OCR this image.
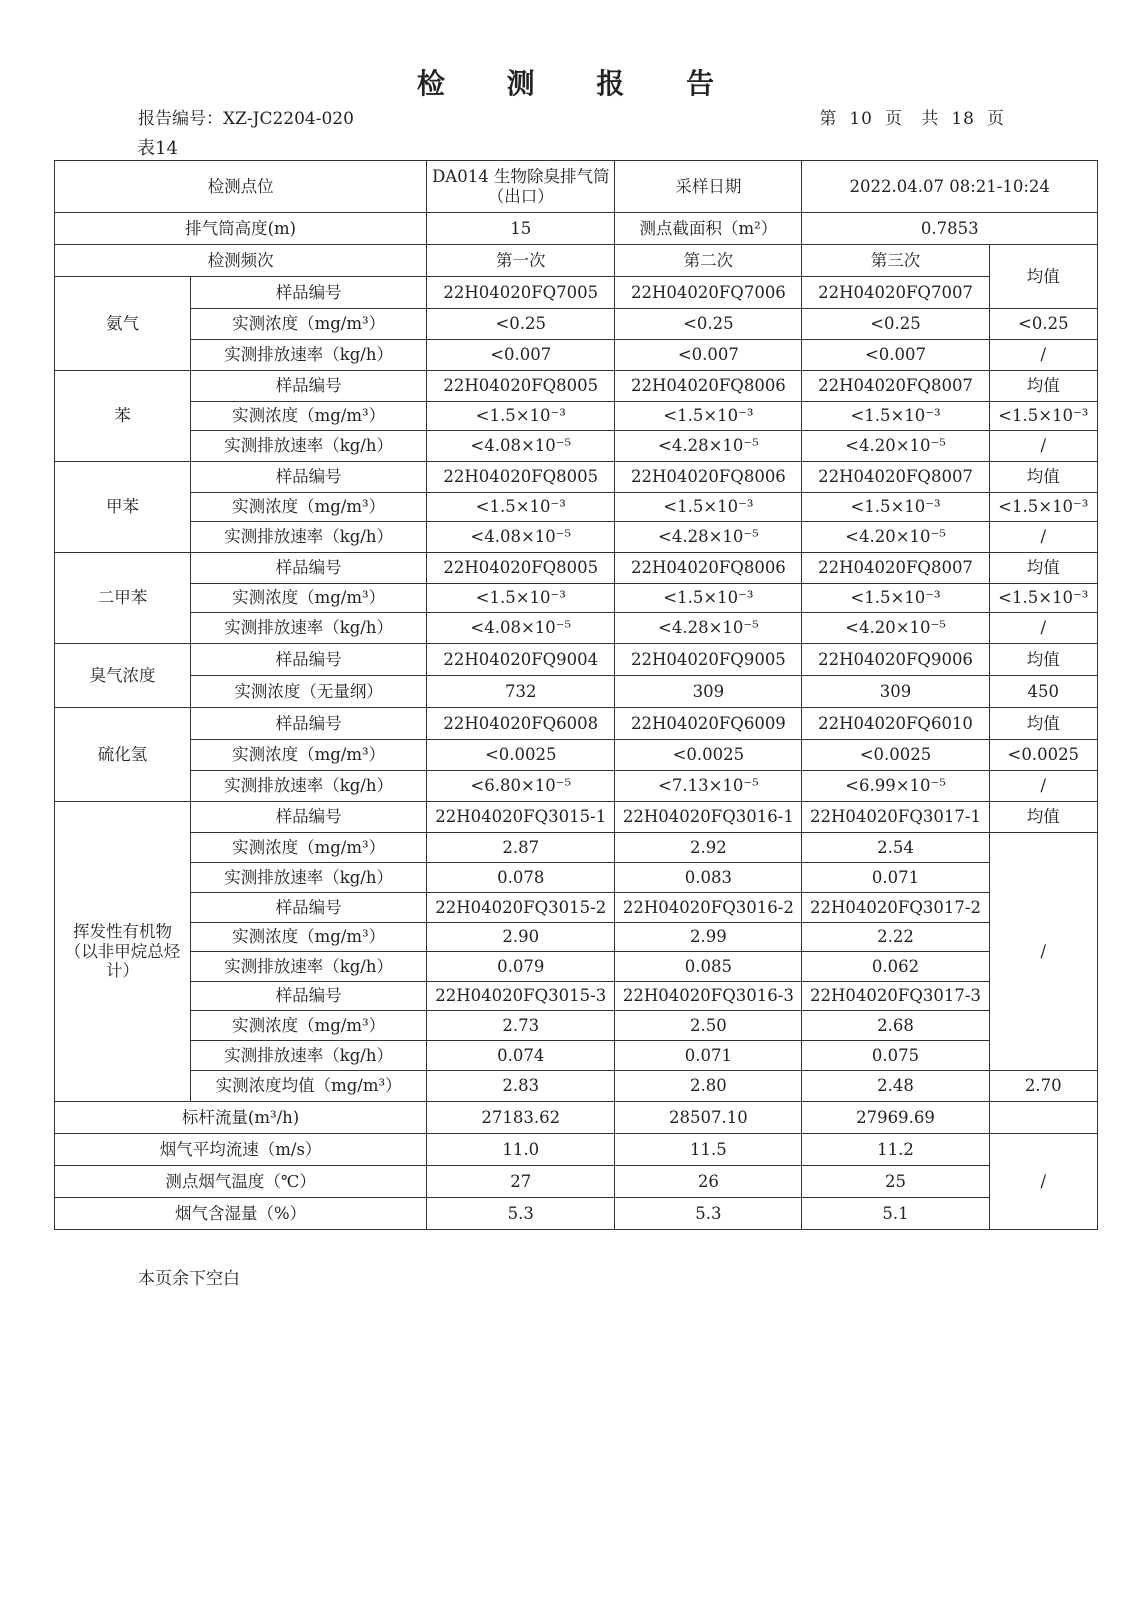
检 测 报 告
报告编号：XZ-JC2204-020	第 10 页 共 18 页
表14
检测点位		DA014 生物除臭排气筒（出口）	采样日期	2022.04.07 08:21-10:24	
排气筒高度(m)		15	测点截面积（m²）	0.7853	
检测频次		第一次	第二次	第三次	均值
氨气	样品编号	22H04020FQ7005	22H04020FQ7006	22H04020FQ7007	
	实测浓度（mg/m³）	<0.25	<0.25	<0.25	<0.25
	实测排放速率（kg/h）	<0.007	<0.007	<0.007	/
苯	样品编号	22H04020FQ8005	22H04020FQ8006	22H04020FQ8007	均值
	实测浓度（mg/m³）	<1.5×10⁻³	<1.5×10⁻³	<1.5×10⁻³	<1.5×10⁻³
	实测排放速率（kg/h）	<4.08×10⁻⁵	<4.28×10⁻⁵	<4.20×10⁻⁵	/
甲苯	样品编号	22H04020FQ8005	22H04020FQ8006	22H04020FQ8007	均值
	实测浓度（mg/m³）	<1.5×10⁻³	<1.5×10⁻³	<1.5×10⁻³	<1.5×10⁻³
	实测排放速率（kg/h）	<4.08×10⁻⁵	<4.28×10⁻⁵	<4.20×10⁻⁵	/
二甲苯	样品编号	22H04020FQ8005	22H04020FQ8006	22H04020FQ8007	均值
	实测浓度（mg/m³）	<1.5×10⁻³	<1.5×10⁻³	<1.5×10⁻³	<1.5×10⁻³
	实测排放速率（kg/h）	<4.08×10⁻⁵	<4.28×10⁻⁵	<4.20×10⁻⁵	/
臭气浓度	样品编号	22H04020FQ9004	22H04020FQ9005	22H04020FQ9006	均值
	实测浓度（无量纲）	732	309	309	450
硫化氢	样品编号	22H04020FQ6008	22H04020FQ6009	22H04020FQ6010	均值
	实测浓度（mg/m³）	<0.0025	<0.0025	<0.0025	<0.0025
	实测排放速率（kg/h）	<6.80×10⁻⁵	<7.13×10⁻⁵	<6.99×10⁻⁵	/
挥发性有机物（以非甲烷总烃计）	样品编号	22H04020FQ3015-1	22H04020FQ3016-1	22H04020FQ3017-1	均值
	实测浓度（mg/m³）	2.87	2.92	2.54	/
	实测排放速率（kg/h）	0.078	0.083	0.071	
	样品编号	22H04020FQ3015-2	22H04020FQ3016-2	22H04020FQ3017-2	
	实测浓度（mg/m³）	2.90	2.99	2.22	
	实测排放速率（kg/h）	0.079	0.085	0.062	
	样品编号	22H04020FQ3015-3	22H04020FQ3016-3	22H04020FQ3017-3	
	实测浓度（mg/m³）	2.73	2.50	2.68	
	实测排放速率（kg/h）	0.074	0.071	0.075	
	实测浓度均值（mg/m³）	2.83	2.80	2.48	2.70
标杆流量(m³/h)		27183.62	28507.10	27969.69	
烟气平均流速（m/s）		11.0	11.5	11.2	/
测点烟气温度（℃）		27	26	25	
烟气含湿量（%）		5.3	5.3	5.1	
本页余下空白
